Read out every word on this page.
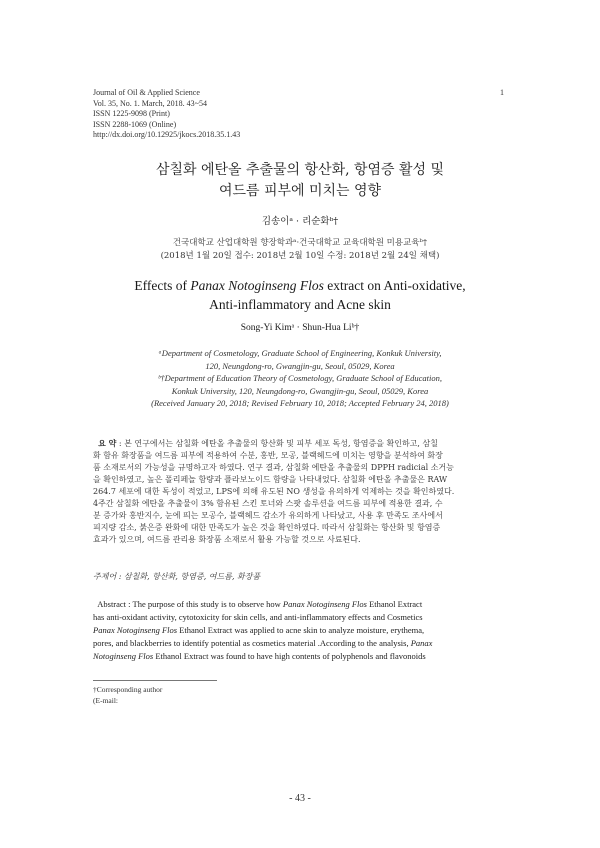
Journal of Oil & Applied Science
Vol. 35, No. 1. March, 2018. 43~54
ISSN 1225-9098 (Print)
ISSN 2288-1069 (Online)
http://dx.doi.org/10.12925/jkocs.2018.35.1.43
1
삼칠화 에탄올 추출물의 항산화, 항염증 활성 및
여드름 피부에 미치는 영향
김송이ᵃ · 리순화ᵇ†
건국대학교 산업대학원 향장학과ᵃ·건국대학교 교육대학원 미용교육ᵇ†
(2018년 1월 20일 접수: 2018년 2월 10일 수정: 2018년 2월 24일 채택)
Effects of Panax Notoginseng Flos extract on Anti-oxidative,
Anti-inflammatory and Acne skin
Song-Yi Kimᵃ · Shun-Hua Liᵇ†
ᵃDepartment of Cosmetology, Graduate School of Engineering, Konkuk University,
120, Neungdong-ro, Gwangjin-gu, Seoul, 05029, Korea
ᵇ†Department of Education Theory of Cosmetology, Graduate School of Education,
Konkuk University, 120, Neungdong-ro, Gwangjin-gu, Seoul, 05029, Korea
(Received January 20, 2018; Revised February 10, 2018; Accepted February 24, 2018)
요 약 : 본 연구에서는 삼칠화 에탄올 추출물의 항산화 및 피부 세포 독성, 항염증을 확인하고, 삼칠
화 함유 화장품을 여드름 피부에 적용하여 수분, 홍반, 모공, 블랙헤드에 미치는 영향을 분석하여 화장
품 소재로서의 가능성을 규명하고자 하였다. 연구 결과, 삼칠화 에탄올 추출물의 DPPH radicial 소거능
을 확인하였고, 높은 폴리페놀 함량과 플라보노이드 함량을 나타내었다. 삼칠화 에탄올 추출물은 RAW
264.7 세포에 대한 독성이 적었고, LPS에 의해 유도된 NO 생성을 유의하게 억제하는 것을 확인하였다.
4주간 삼칠화 에탄올 추출물이 3% 함유된 스킨 토너와 스팟 솔루션을 여드름 피부에 적용한 결과, 수
분 증가와 홍반지수, 눈에 띄는 모공수, 블랙헤드 감소가 유의하게 나타났고, 사용 후 만족도 조사에서
피지량 감소, 붉은증 완화에 대한 만족도가 높은 것을 확인하였다. 따라서 삼칠화는 항산화 및 항염증
효과가 있으며, 여드름 관리용 화장품 소재로서 활용 가능할 것으로 사료된다.
주제어 : 삼칠화, 항산화, 항염증, 여드름, 화장품
Abstract : The purpose of this study is to observe how Panax Notoginseng Flos Ethanol Extract
has anti-oxidant activity, cytotoxicity for skin cells, and anti-inflammatory effects and Cosmetics
Panax Notoginseng Flos Ethanol Extract was applied to acne skin to analyze moisture, erythema,
pores, and blackberries to identify potential as cosmetics material .According to the analysis, Panax
Notoginseng Flos Ethanol Extract was found to have high contents of polyphenols and flavonoids
†Corresponding author
(E-mail:
- 43 -
